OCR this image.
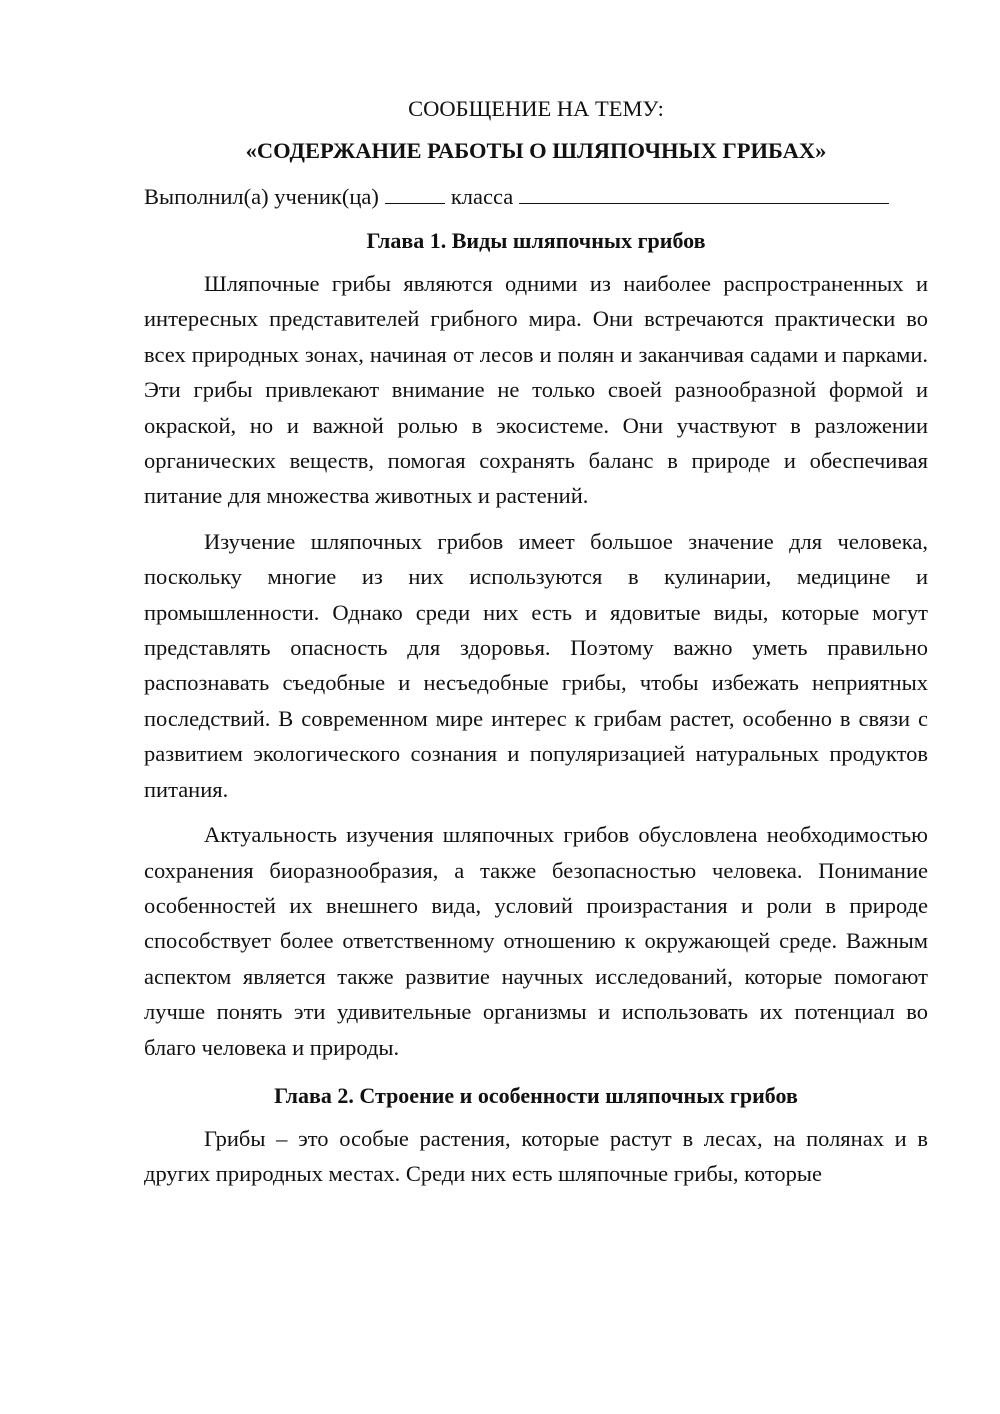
СООБЩЕНИЕ НА ТЕМУ:

«СОДЕРЖАНИЕ РАБОТЫ О ШЛЯПОЧНЫХ ГРИБАХ»

Выполнил(а) ученик(ца)	класса

Глава 1. Виды шляпочных грибов

Шляпочные грибы являются одними из наиболее распространенных и интересных представителей грибного мира. Они встречаются практически во всех природных зонах, начиная от лесов и полян и заканчивая садами и парками. Эти грибы привлекают внимание не только своей разнообразной формой и окраской, но и важной ролью в экосистеме. Они участвуют в разложении органических веществ, помогая сохранять баланс в природе и обеспечивая питание для множества животных и растений.

Изучение шляпочных грибов имеет большое значение для человека, поскольку многие из них используются в кулинарии, медицине и промышленности. Однако среди них есть и ядовитые виды, которые могут представлять опасность для здоровья. Поэтому важно уметь правильно распознавать съедобные и несъедобные грибы, чтобы избежать неприятных последствий. В современном мире интерес к грибам растет, особенно в связи с развитием экологического сознания и популяризацией натуральных продуктов питания.

Актуальность изучения шляпочных грибов обусловлена необходимостью сохранения биоразнообразия, а также безопасностью человека. Понимание особенностей их внешнего вида, условий произрастания и роли в природе способствует более ответственному отношению к окружающей среде. Важным аспектом является также развитие научных исследований, которые помогают лучше понять эти удивительные организмы и использовать их потенциал во благо человека и природы.

Глава 2. Строение и особенности шляпочных грибов

Грибы – это особые растения, которые растут в лесах, на полянах и в других природных местах. Среди них есть шляпочные грибы, которые
